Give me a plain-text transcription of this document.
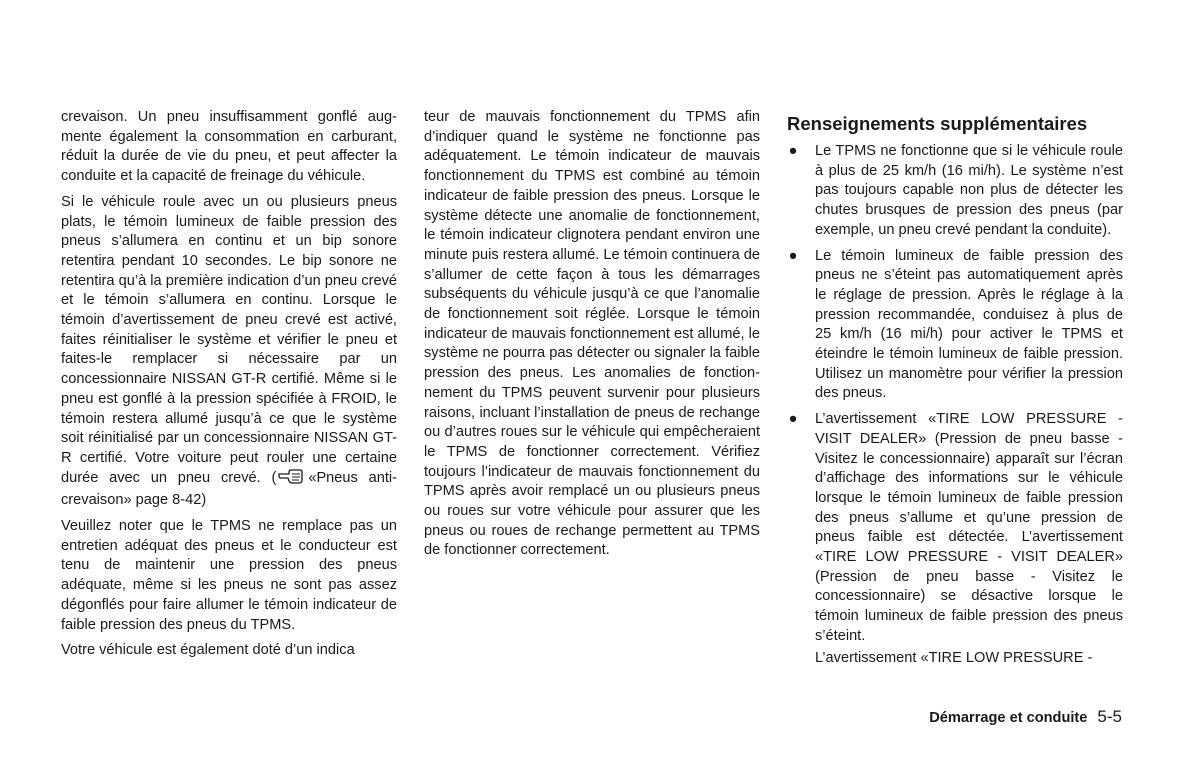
crevaison. Un pneu insuffisamment gonflé augmente également la consommation en carburant, réduit la durée de vie du pneu, et peut affecter la conduite et la capacité de freinage du véhicule.

Si le véhicule roule avec un ou plusieurs pneus plats, le témoin lumineux de faible pression des pneus s’allumera en continu et un bip sonore retentira pendant 10 secondes. Le bip sonore ne retentira qu’à la première indication d’un pneu crevé et le témoin s’allumera en continu. Lorsque le témoin d’avertissement de pneu crevé est activé, faites réinitialiser le système et vérifier le pneu et faites-le remplacer si nécessaire par un concessionnaire NISSAN GT-R certifié. Même si le pneu est gonflé à la pression spécifiée à FROID, le témoin restera allumé jusqu’à ce que le système soit réinitialisé par un concessionnaire NISSAN GT-R certifié. Votre voiture peut rouler une certaine durée avec un pneu crevé. ( «Pneus anti-crevaison» page 8-42)

Veuillez noter que le TPMS ne remplace pas un entretien adéquat des pneus et le conducteur est tenu de maintenir une pression des pneus adéquate, même si les pneus ne sont pas assez dégonflés pour faire allumer le témoin indicateur de faible pression des pneus du TPMS.

Votre véhicule est également doté d’un indica

teur de mauvais fonctionnement du TPMS afin d’indiquer quand le système ne fonctionne pas adéquatement. Le témoin indicateur de mauvais fonctionnement du TPMS est combiné au témoin indicateur de faible pression des pneus. Lorsque le système détecte une anomalie de fonctionnement, le témoin indicateur clignotera pendant environ une minute puis restera allumé. Le témoin continuera de s’allumer de cette façon à tous les démarrages subséquents du véhicule jusqu’à ce que l’anomalie de fonctionnement soit réglée. Lorsque le témoin indicateur de mauvais fonctionnement est allumé, le système ne pourra pas détecter ou signaler la faible pression des pneus. Les anomalies de fonctionnement du TPMS peuvent survenir pour plusieurs raisons, incluant l’installation de pneus de rechange ou d’autres roues sur le véhicule qui empêcheraient le TPMS de fonctionner correctement. Vérifiez toujours l’indicateur de mauvais fonctionnement du TPMS après avoir remplacé un ou plusieurs pneus ou roues sur votre véhicule pour assurer que les pneus ou roues de rechange permettent au TPMS de fonctionner correctement.

Renseignements supplémentaires
● Le TPMS ne fonctionne que si le véhicule roule à plus de 25 km/h (16 mi/h). Le système n’est pas toujours capable non plus de détecter les chutes brusques de pression des pneus (par exemple, un pneu crevé pendant la conduite).

● Le témoin lumineux de faible pression des pneus ne s’éteint pas automatiquement après le réglage de pression. Après le réglage à la pression recommandée, conduisez à plus de 25 km/h (16 mi/h) pour activer le TPMS et éteindre le témoin lumineux de faible pression. Utilisez un manomètre pour vérifier la pression des pneus.

● L’avertissement «TIRE LOW PRESSURE - VISIT DEALER» (Pression de pneu basse - Visitez le concessionnaire) apparaît sur l’écran d’affichage des informations sur le véhicule lorsque le témoin lumineux de faible pression des pneus s’allume et qu’une pression de pneus faible est détectée. L’avertissement «TIRE LOW PRESSURE - VISIT DEALER» (Pression de pneu basse - Visitez le concessionnaire) se désactive lorsque le témoin lumineux de faible pression des pneus s’éteint.

L’avertissement «TIRE LOW PRESSURE -

Démarrage et conduite 5-5
